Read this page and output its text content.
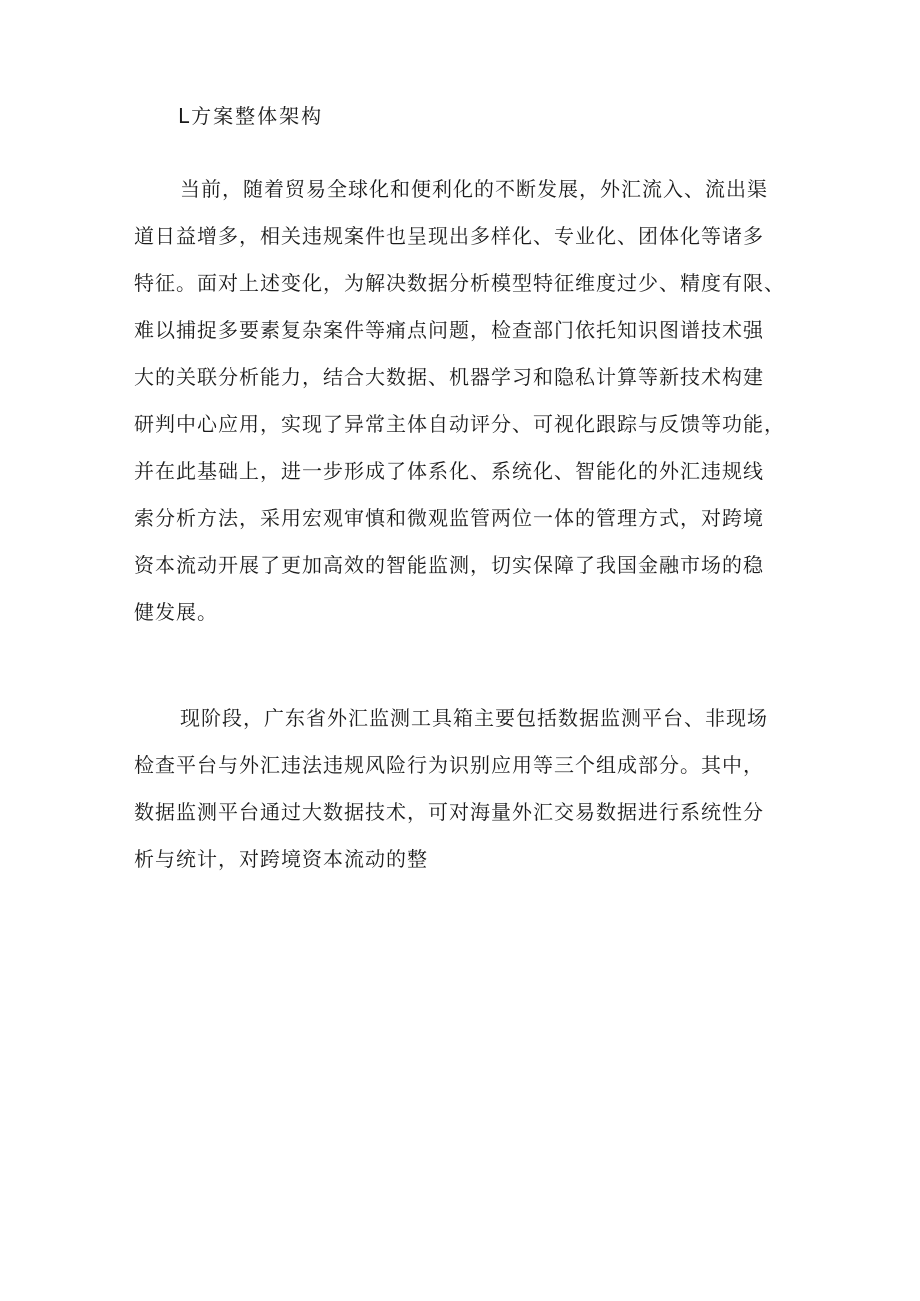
L方案整体架构
当前，随着贸易全球化和便利化的不断发展，外汇流入、流出渠
道日益增多，相关违规案件也呈现出多样化、专业化、团体化等诸多
特征。面对上述变化，为解决数据分析模型特征维度过少、精度有限、
难以捕捉多要素复杂案件等痛点问题，检查部门依托知识图谱技术强
大的关联分析能力，结合大数据、机器学习和隐私计算等新技术构建
研判中心应用，实现了异常主体自动评分、可视化跟踪与反馈等功能，
并在此基础上，进一步形成了体系化、系统化、智能化的外汇违规线
索分析方法，采用宏观审慎和微观监管两位一体的管理方式，对跨境
资本流动开展了更加高效的智能监测，切实保障了我国金融市场的稳
健发展。
现阶段，广东省外汇监测工具箱主要包括数据监测平台、非现场
检查平台与外汇违法违规风险行为识别应用等三个组成部分。其中，
数据监测平台通过大数据技术，可对海量外汇交易数据进行系统性分
析与统计，对跨境资本流动的整
